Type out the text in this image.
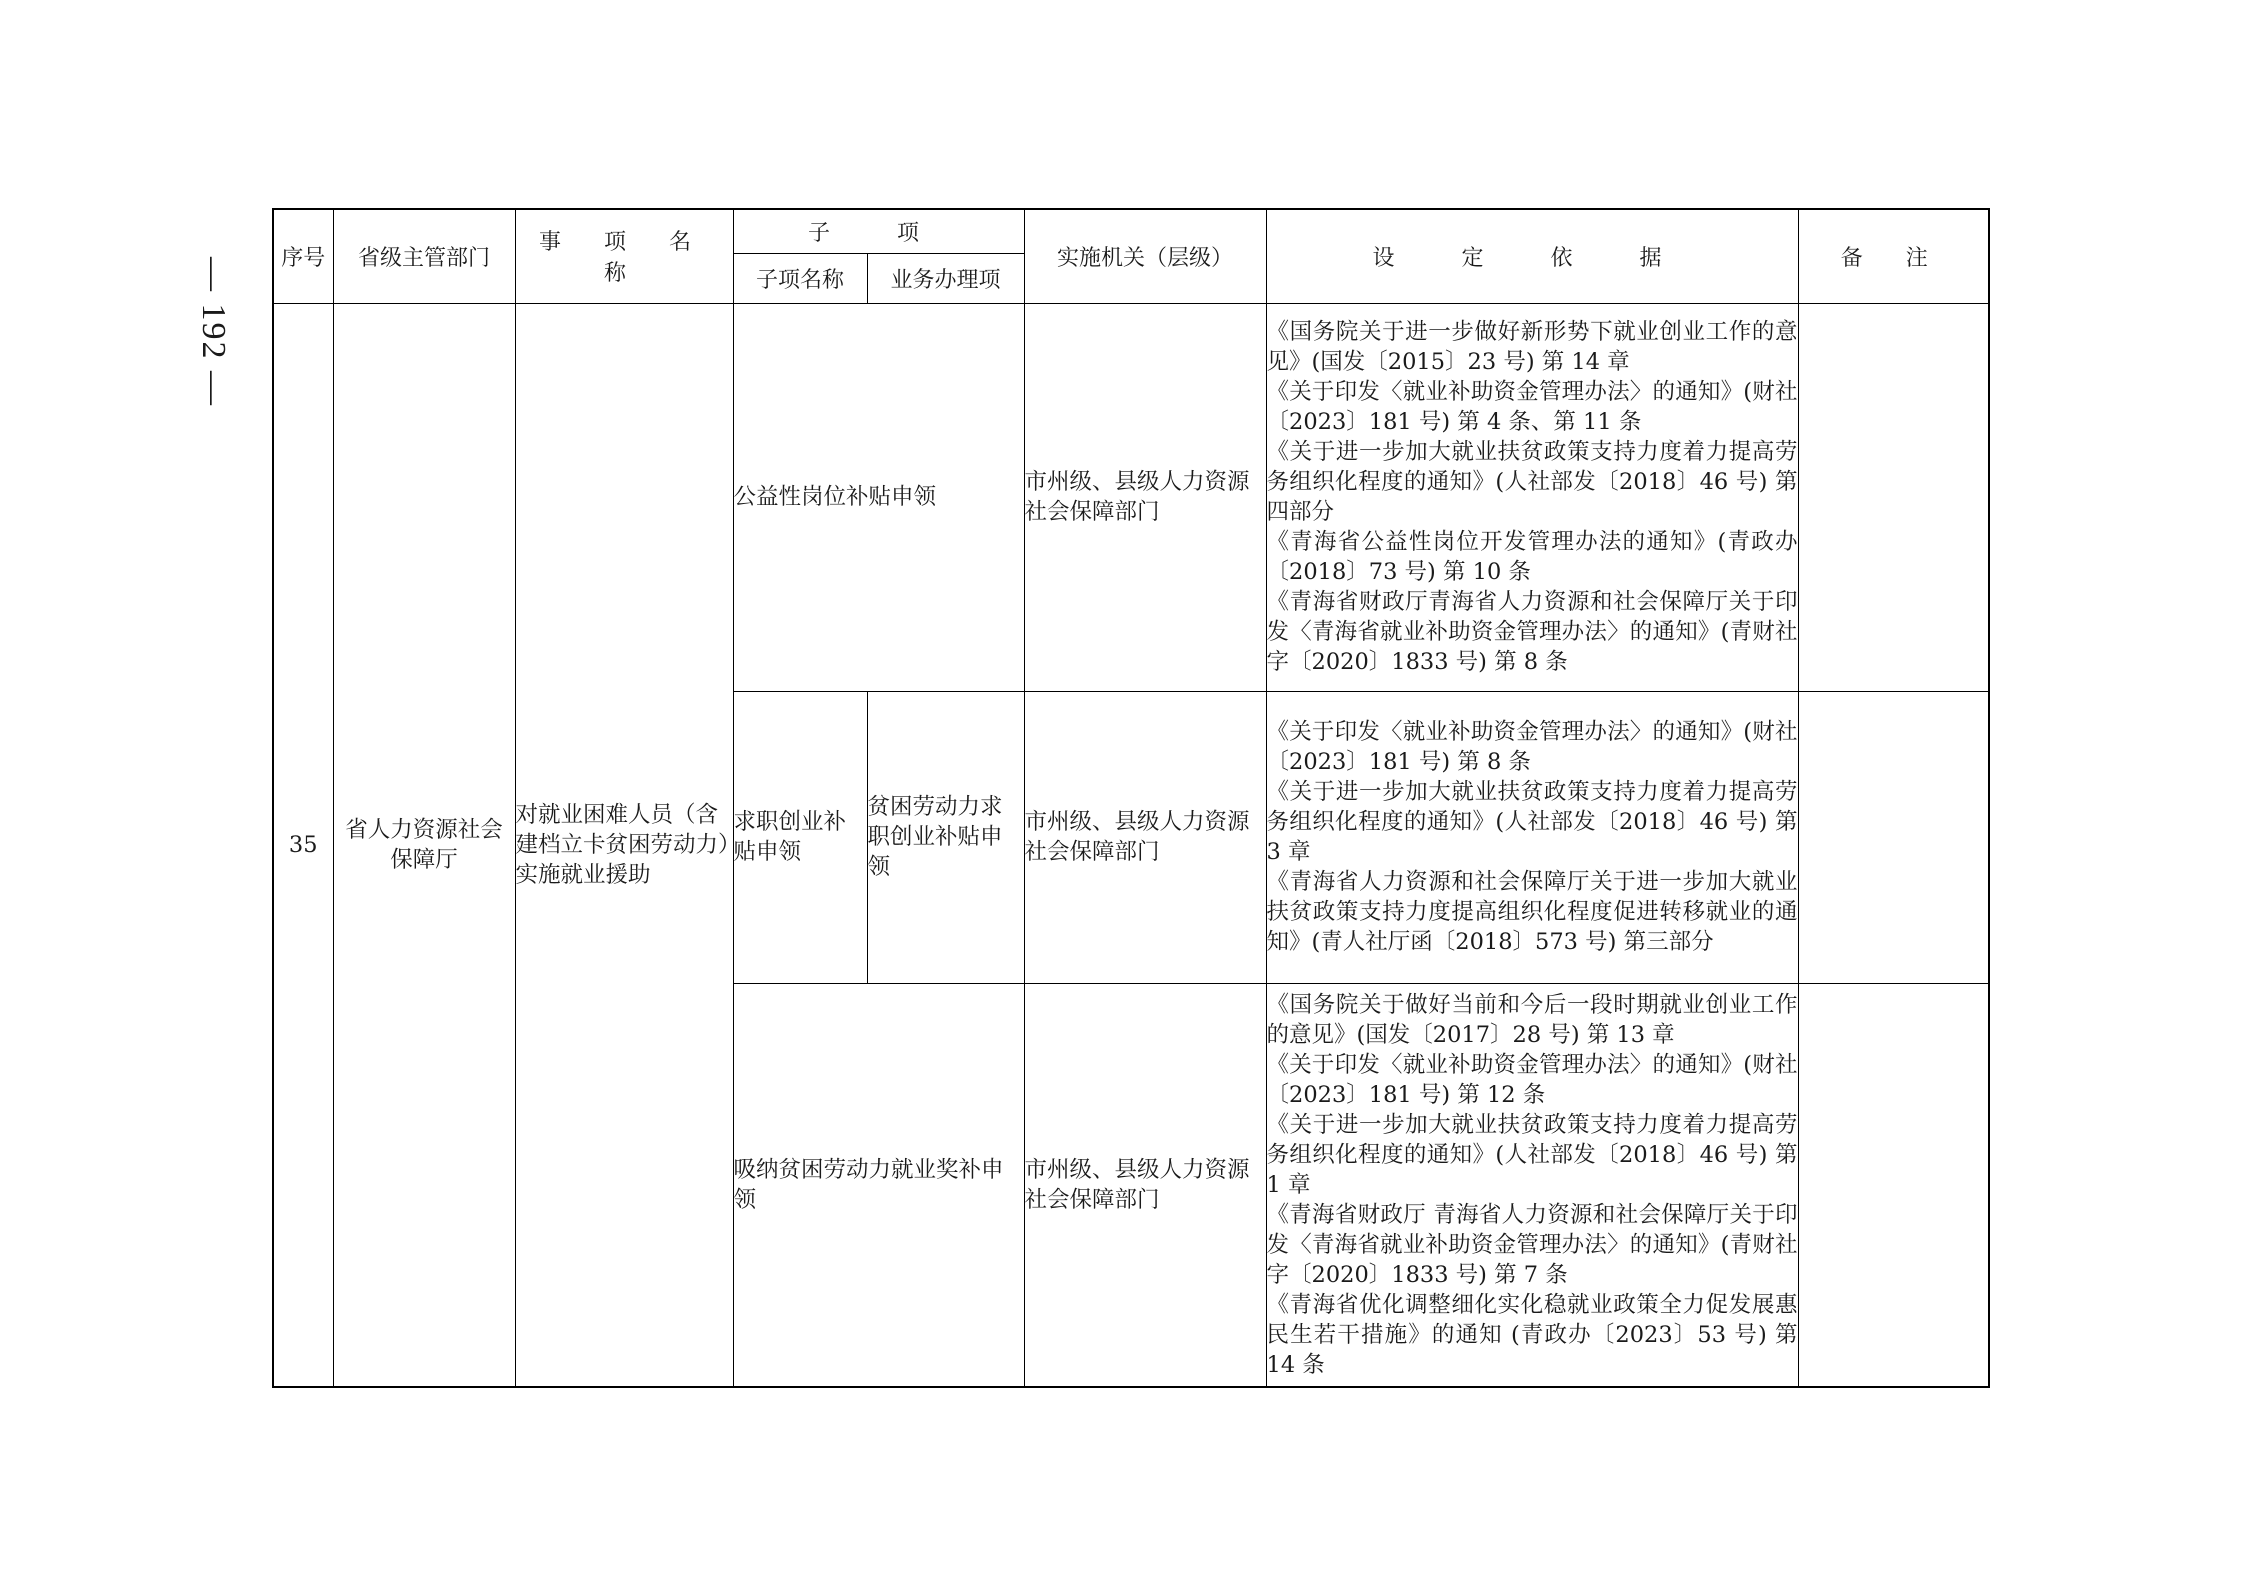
— 192 — 序号	省级主管部门	事 项 名 称	子 项		实施机关（层级）	设 定 依 据	备 注
			子项名称	业务办理项			
35	省人力资源社会保障厅	对就业困难人员（含建档立卡贫困劳动力）实施就业援助	公益性岗位补贴申领		市州级、县级人力资源社会保障部门	《国务院关于进一步做好新形势下就业创业工作的意见》(国发〔2015〕23 号) 第 14 章

《关于印发〈就业补助资金管理办法〉的通知》(财社〔2023〕181 号) 第 4 条、第 11 条

《关于进一步加大就业扶贫政策支持力度着力提高劳务组织化程度的通知》(人社部发〔2018〕46 号) 第四部分

《青海省公益性岗位开发管理办法的通知》(青政办〔2018〕73 号) 第 10 条

《青海省财政厅青海省人力资源和社会保障厅关于印发〈青海省就业补助资金管理办法〉的通知》(青财社字〔2020〕1833 号) 第 8 条	

			求职创业补贴申领	贫困劳动力求职创业补贴申领	市州级、县级人力资源社会保障部门	《关于印发〈就业补助资金管理办法〉的通知》(财社〔2023〕181 号) 第 8 条

《关于进一步加大就业扶贫政策支持力度着力提高劳务组织化程度的通知》(人社部发〔2018〕46 号) 第 3 章

《青海省人力资源和社会保障厅关于进一步加大就业扶贫政策支持力度提高组织化程度促进转移就业的通知》(青人社厅函〔2018〕573 号) 第三部分	

			吸纳贫困劳动力就业奖补申领		市州级、县级人力资源社会保障部门	《国务院关于做好当前和今后一段时期就业创业工作的意见》(国发〔2017〕28 号) 第 13 章

《关于印发〈就业补助资金管理办法〉的通知》(财社〔2023〕181 号) 第 12 条

《关于进一步加大就业扶贫政策支持力度着力提高劳务组织化程度的通知》(人社部发〔2018〕46 号) 第 1 章

《青海省财政厅 青海省人力资源和社会保障厅关于印发〈青海省就业补助资金管理办法〉的通知》(青财社字〔2020〕1833 号) 第 7 条

《青海省优化调整细化实化稳就业政策全力促发展惠民生若干措施》的通知 (青政办〔2023〕53 号) 第 14 条	
